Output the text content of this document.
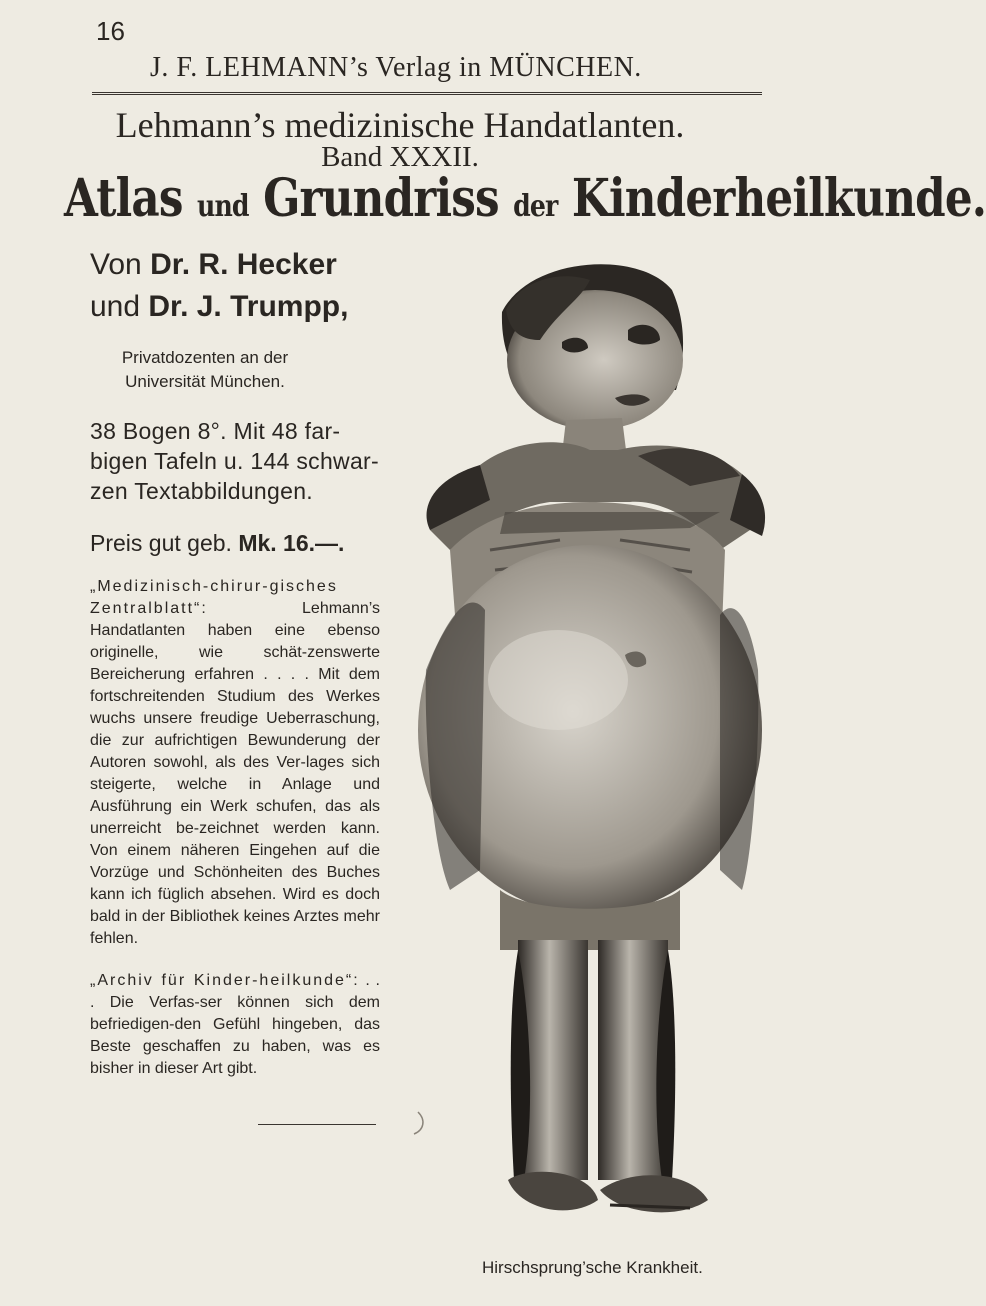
16
J. F. LEHMANN’s Verlag in MÜNCHEN.
Lehmann’s medizinische Handatlanten.
Band XXXII.
Atlas und Grundriss der Kinderheilkunde.
Von Dr. R. Hecker
und Dr. J. Trumpp,
Privatdozenten an der Universität München.
38 Bogen 8°. Mit 48 far-bigen Tafeln u. 144 schwar-zen Textabbildungen.
Preis gut geb. Mk. 16.—.
„Medizinisch-chirur-gisches Zentralblatt“:	Lehmann’s Handatlanten haben eine ebenso originelle, wie schät-zenswerte Bereicherung erfahren . . . . Mit dem fortschreitenden Studium des Werkes wuchs unsere freudige Ueberraschung, die zur aufrichtigen Bewunderung der Autoren sowohl, als des Ver-lages sich steigerte, welche in Anlage und Ausführung ein Werk schufen, das als unerreicht be-zeichnet werden kann. Von einem näheren Eingehen auf die Vorzüge und Schönheiten des Buches kann ich füglich absehen. Wird es doch bald in der Bibliothek keines Arztes mehr fehlen.
„Archiv für Kinder-heilkunde“: . . . Die Verfas-ser können sich dem befriedigen-den Gefühl hingeben, das Beste geschaffen zu haben, was es bisher in dieser Art gibt.
Hirschsprung’sche Krankheit.
